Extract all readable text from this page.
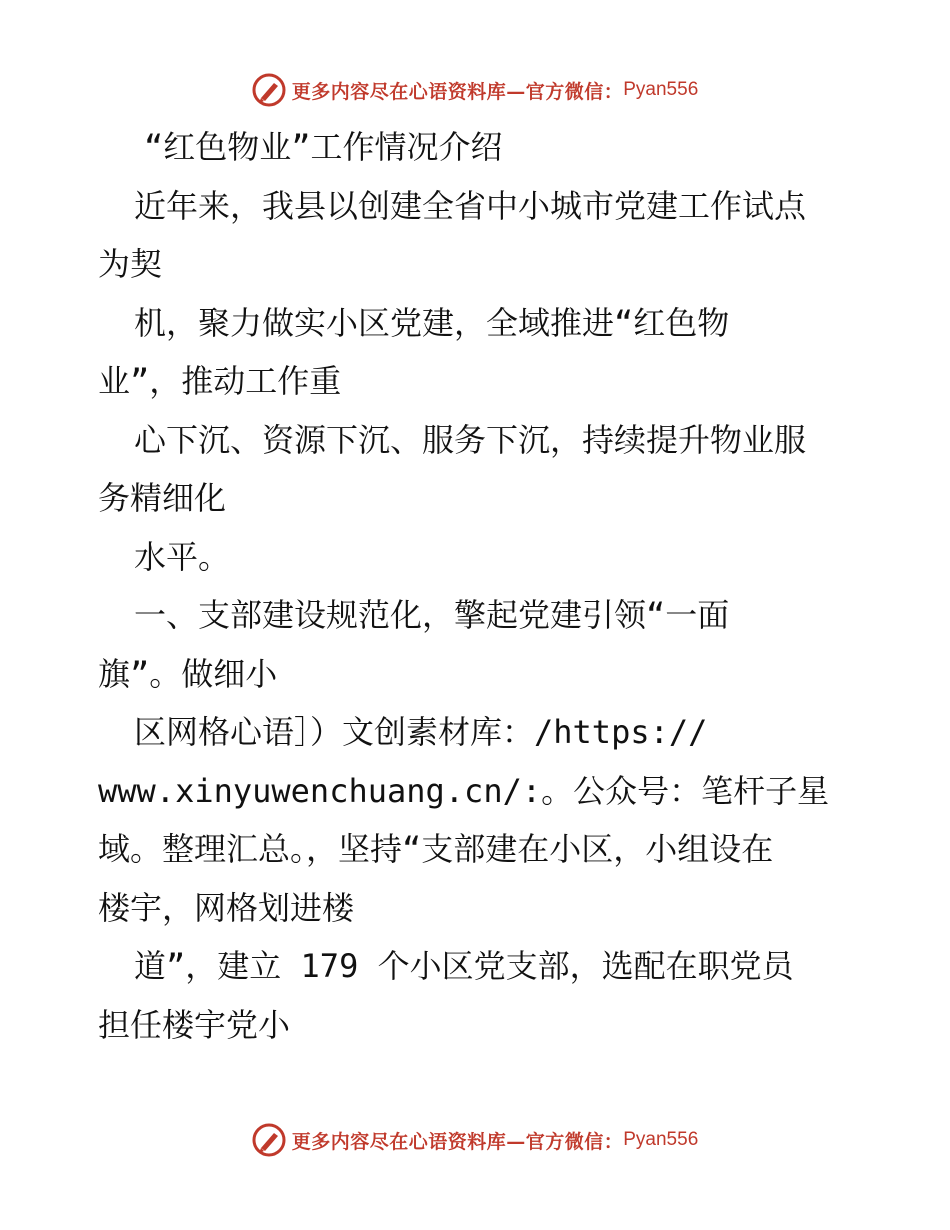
更多内容尽在心语资料库—官方微信： Pyan556
“红色物业”工作情况介绍
近年来，我县以创建全省中小城市党建工作试点
为契
机，聚力做实小区党建，全域推进“红色物
业”，推动工作重
心下沉、资源下沉、服务下沉，持续提升物业服
务精细化
水平。
一、支部建设规范化，擎起党建引领“一面
旗”。做细小
区网格心语］）文创素材库：/https://
www.xinyuwenchuang.cn/:。公众号：笔杆子星
域。整理汇总。，坚持“支部建在小区，小组设在
楼宇，网格划进楼
道”，建立 179 个小区党支部，选配在职党员
担任楼宇党小
更多内容尽在心语资料库—官方微信： Pyan556
